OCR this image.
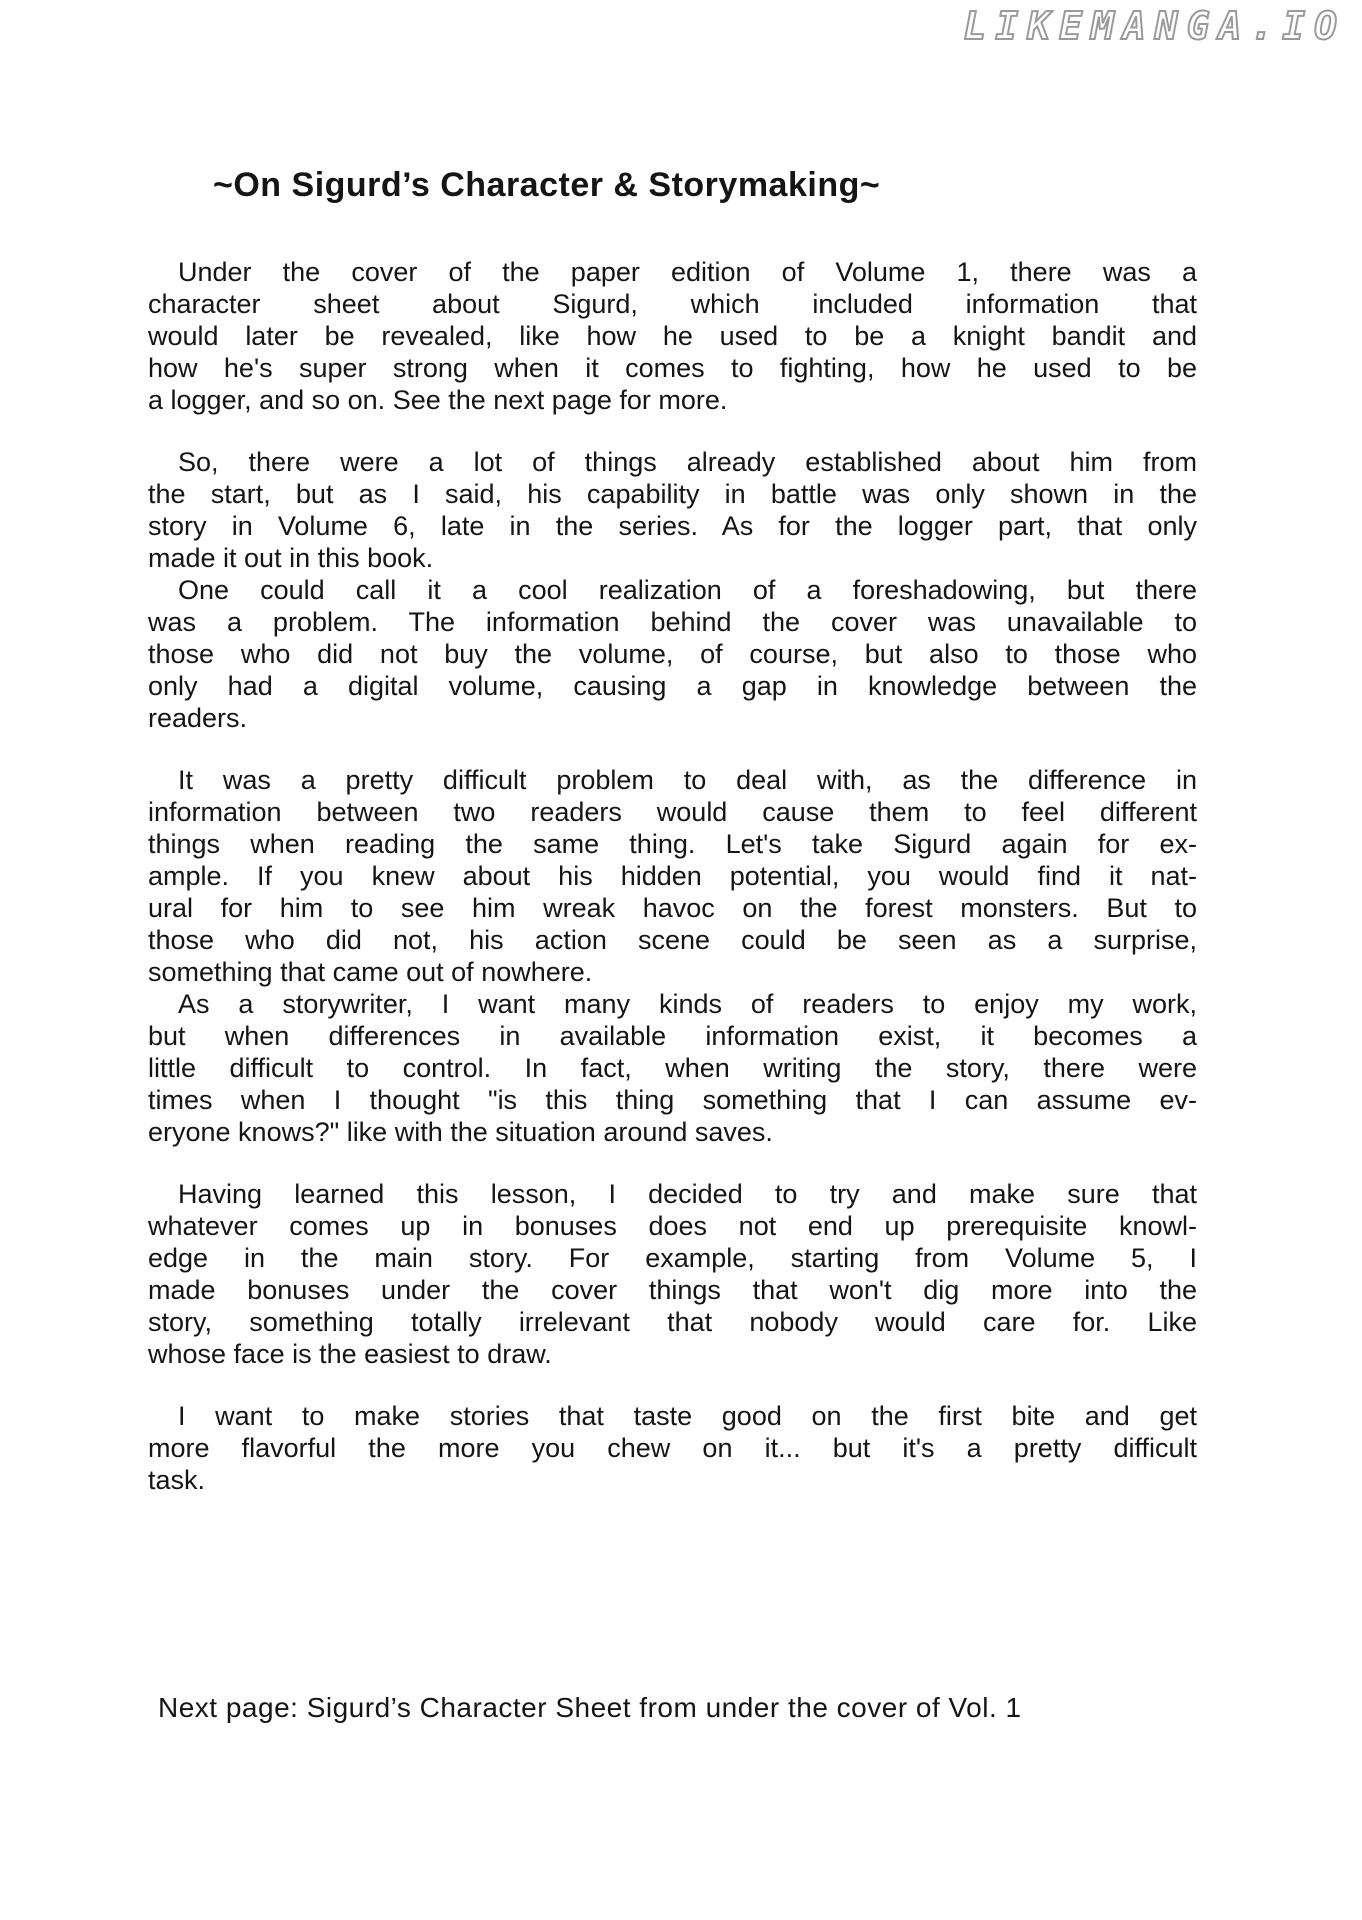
LIKEMANGA.IO
~On Sigurd’s Character & Storymaking~
Under the cover of the paper edition of Volume 1, there was a
character sheet about Sigurd, which included information that
would later be revealed, like how he used to be a knight bandit and
how he's super strong when it comes to fighting, how he used to be
a logger, and so on. See the next page for more.
So, there were a lot of things already established about him from
the start, but as I said, his capability in battle was only shown in the
story in Volume 6, late in the series. As for the logger part, that only
made it out in this book.
One could call it a cool realization of a foreshadowing, but there
was a problem. The information behind the cover was unavailable to
those who did not buy the volume, of course, but also to those who
only had a digital volume, causing a gap in knowledge between the
readers.
It was a pretty difficult problem to deal with, as the difference in
information between two readers would cause them to feel different
things when reading the same thing. Let's take Sigurd again for ex-
ample. If you knew about his hidden potential, you would find it nat-
ural for him to see him wreak havoc on the forest monsters. But to
those who did not, his action scene could be seen as a surprise,
something that came out of nowhere.
As a storywriter, I want many kinds of readers to enjoy my work,
but when differences in available information exist, it becomes a
little difficult to control. In fact, when writing the story, there were
times when I thought "is this thing something that I can assume ev-
eryone knows?" like with the situation around saves.
Having learned this lesson, I decided to try and make sure that
whatever comes up in bonuses does not end up prerequisite knowl-
edge in the main story. For example, starting from Volume 5, I
made bonuses under the cover things that won't dig more into the
story, something totally irrelevant that nobody would care for. Like
whose face is the easiest to draw.
I want to make stories that taste good on the first bite and get
more flavorful the more you chew on it... but it's a pretty difficult
task.
Next page: Sigurd’s Character Sheet from under the cover of Vol. 1
